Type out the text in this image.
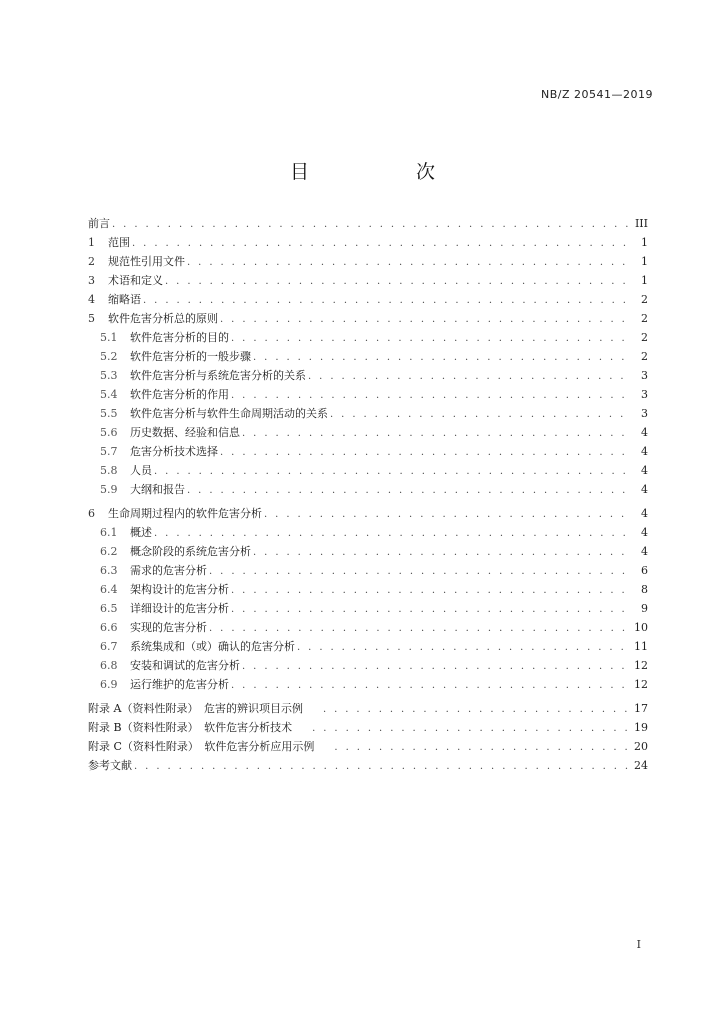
NB/Z 20541—2019
目　次
前言 . . .	III
1	范围 . . .	1
2	规范性引用文件 . . .	1
3	术语和定义 . . .	1
4	缩略语 . . .	2
5	软件危害分析总的原则 . . .	2
5.1	软件危害分析的目的 . . .	2
5.2	软件危害分析的一般步骤 . . .	2
5.3	软件危害分析与系统危害分析的关系 . . .	3
5.4	软件危害分析的作用 . . .	3
5.5	软件危害分析与软件生命周期活动的关系 . . .	3
5.6	历史数据、经验和信息 . . .	4
5.7	危害分析技术选择 . . .	4
5.8	人员 . . .	4
5.9	大纲和报告 . . .	4
6	生命周期过程内的软件危害分析 . . .	4
6.1	概述 . . .	4
6.2	概念阶段的系统危害分析 . . .	4
6.3	需求的危害分析 . . .	6
6.4	架构设计的危害分析 . . .	8
6.5	详细设计的危害分析 . . .	9
6.6	实现的危害分析 . . .	10
6.7	系统集成和（或）确认的危害分析 . . .	11
6.8	安装和调试的危害分析 . . .	12
6.9	运行维护的危害分析 . . .	12
附录 A（资料性附录）　危害的辨识项目示例 . . .	17
附录 B（资料性附录）　软件危害分析技术 . . .	19
附录 C（资料性附录）　软件危害分析应用示例 . . .	20
参考文献 . . .	24
I
